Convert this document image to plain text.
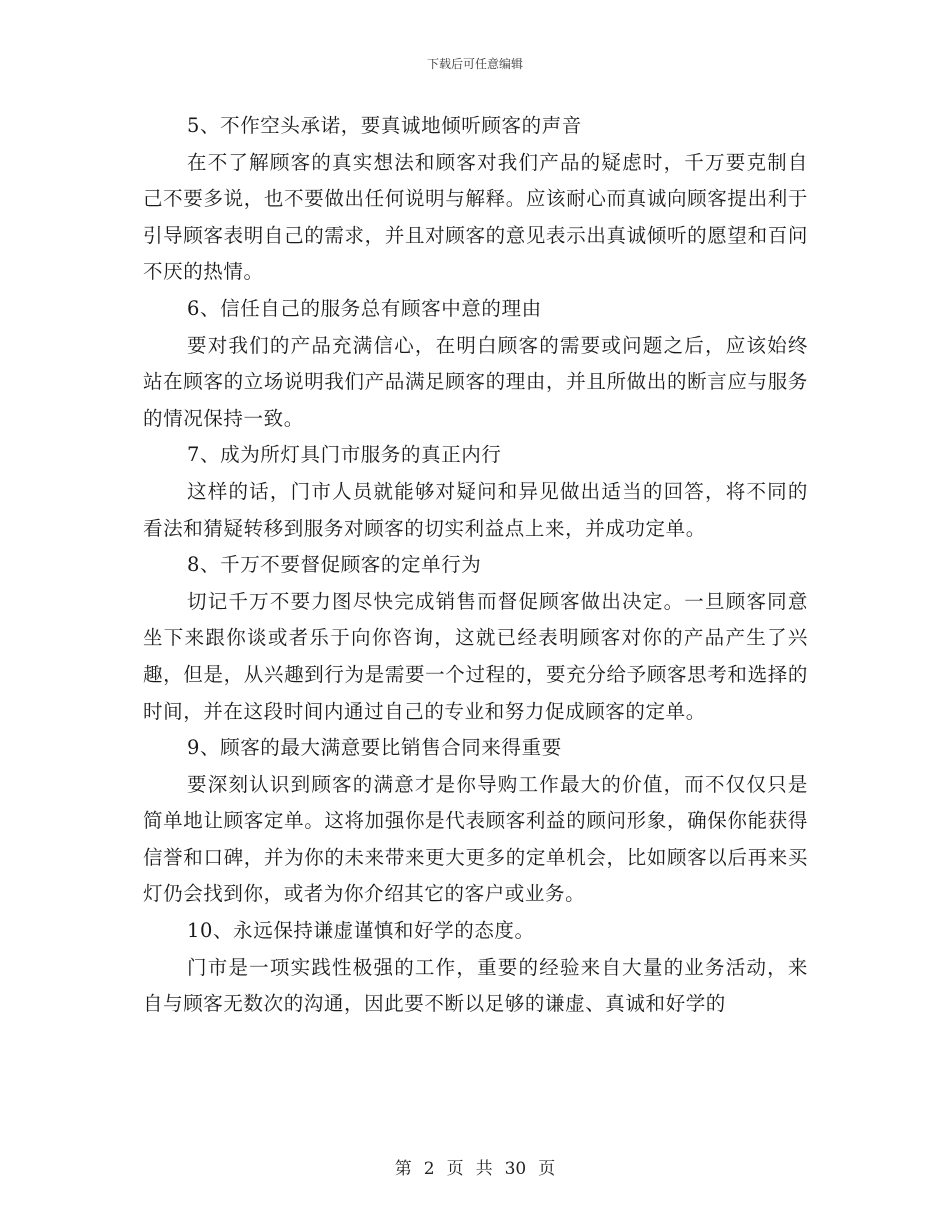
下载后可任意编辑

5、不作空头承诺，要真诚地倾听顾客的声音

在不了解顾客的真实想法和顾客对我们产品的疑虑时，千万要克制自己不要多说，也不要做出任何说明与解释。应该耐心而真诚向顾客提出利于引导顾客表明自己的需求，并且对顾客的意见表示出真诚倾听的愿望和百问不厌的热情。

6、信任自己的服务总有顾客中意的理由

要对我们的产品充满信心，在明白顾客的需要或问题之后，应该始终站在顾客的立场说明我们产品满足顾客的理由，并且所做出的断言应与服务的情况保持一致。

7、成为所灯具门市服务的真正内行

这样的话，门市人员就能够对疑问和异见做出适当的回答，将不同的看法和猜疑转移到服务对顾客的切实利益点上来，并成功定单。

8、千万不要督促顾客的定单行为

切记千万不要力图尽快完成销售而督促顾客做出决定。一旦顾客同意坐下来跟你谈或者乐于向你咨询，这就已经表明顾客对你的产品产生了兴趣，但是，从兴趣到行为是需要一个过程的，要充分给予顾客思考和选择的时间，并在这段时间内通过自己的专业和努力促成顾客的定单。

9、顾客的最大满意要比销售合同来得重要

要深刻认识到顾客的满意才是你导购工作最大的价值，而不仅仅只是简单地让顾客定单。这将加强你是代表顾客利益的顾问形象，确保你能获得信誉和口碑，并为你的未来带来更大更多的定单机会，比如顾客以后再来买灯仍会找到你，或者为你介绍其它的客户或业务。

10、永远保持谦虚谨慎和好学的态度。

门市是一项实践性极强的工作，重要的经验来自大量的业务活动，来自与顾客无数次的沟通，因此要不断以足够的谦虚、真诚和好学的

第 2 页 共 30 页
